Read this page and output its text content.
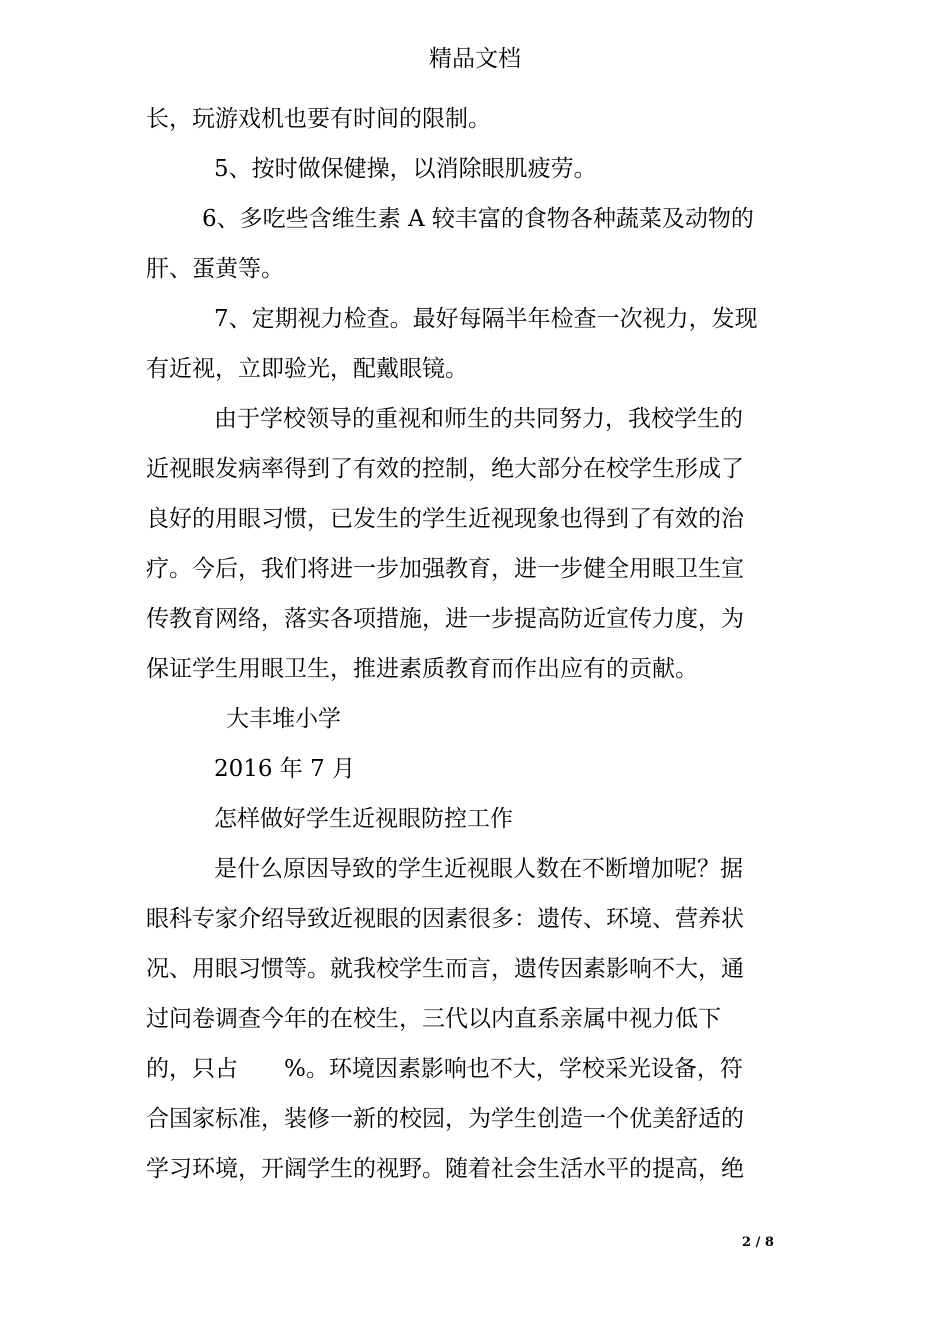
精品文档
长，玩游戏机也要有时间的限制。
5、按时做保健操，以消除眼肌疲劳。
6、多吃些含维生素 A 较丰富的食物各种蔬菜及动物的
肝、蛋黄等。
7、定期视力检查。最好每隔半年检查一次视力，发现
有近视，立即验光，配戴眼镜。
由于学校领导的重视和师生的共同努力，我校学生的
近视眼发病率得到了有效的控制，绝大部分在校学生形成了
良好的用眼习惯，已发生的学生近视现象也得到了有效的治
疗。今后，我们将进一步加强教育，进一步健全用眼卫生宣
传教育网络，落实各项措施，进一步提高防近宣传力度，为
保证学生用眼卫生，推进素质教育而作出应有的贡献。
大丰堆小学
2016 年 7 月
怎样做好学生近视眼防控工作
是什么原因导致的学生近视眼人数在不断增加呢？据
眼科专家介绍导致近视眼的因素很多：遗传、环境、营养状
况、用眼习惯等。就我校学生而言，遗传因素影响不大，通
过问卷调查今年的在校生，三代以内直系亲属中视力低下
的，只占　　%。环境因素影响也不大，学校采光设备，符
合国家标准，装修一新的校园，为学生创造一个优美舒适的
学习环境，开阔学生的视野。随着社会生活水平的提高，绝
2 / 8
